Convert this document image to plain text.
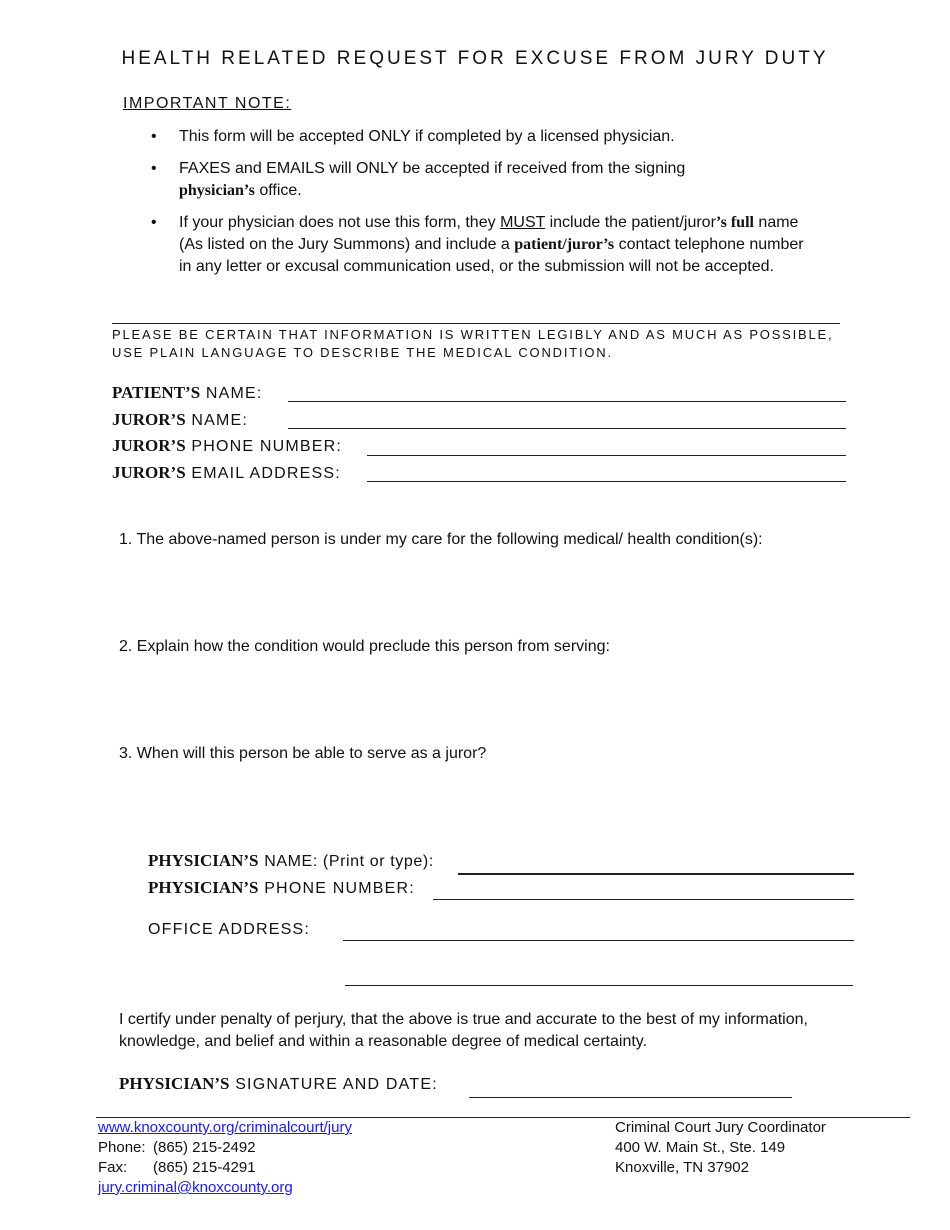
HEALTH RELATED REQUEST FOR EXCUSE FROM JURY DUTY
IMPORTANT NOTE:
• This form will be accepted ONLY if completed by a licensed physician.
• FAXES and EMAILS will ONLY be accepted if received from the signing
physician’s office.
• If your physician does not use this form, they MUST include the patient/juror’s full name (As listed on the Jury Summons) and include a patient/juror’s contact telephone number in any letter or excusal communication used, or the submission will not be accepted.
PLEASE BE CERTAIN THAT INFORMATION IS WRITTEN LEGIBLY AND AS MUCH AS POSSIBLE, USE PLAIN LANGUAGE TO DESCRIBE THE MEDICAL CONDITION.
PATIENT’S NAME:
JUROR’S NAME:
JUROR’S PHONE NUMBER:
JUROR’S EMAIL ADDRESS:
1. The above-named person is under my care for the following medical/ health condition(s):
2. Explain how the condition would preclude this person from serving:
3. When will this person be able to serve as a juror?
PHYSICIAN’S NAME: (Print or type):
PHYSICIAN’S PHONE NUMBER:
OFFICE ADDRESS:
I certify under penalty of perjury, that the above is true and accurate to the best of my information, knowledge, and belief and within a reasonable degree of medical certainty.
PHYSICIAN’S SIGNATURE AND DATE:
www.knoxcounty.org/criminalcourt/jury
Phone: (865) 215-2492
Fax: (865) 215-4291
jury.criminal@knoxcounty.org
Criminal Court Jury Coordinator
400 W. Main St., Ste. 149
Knoxville, TN 37902
